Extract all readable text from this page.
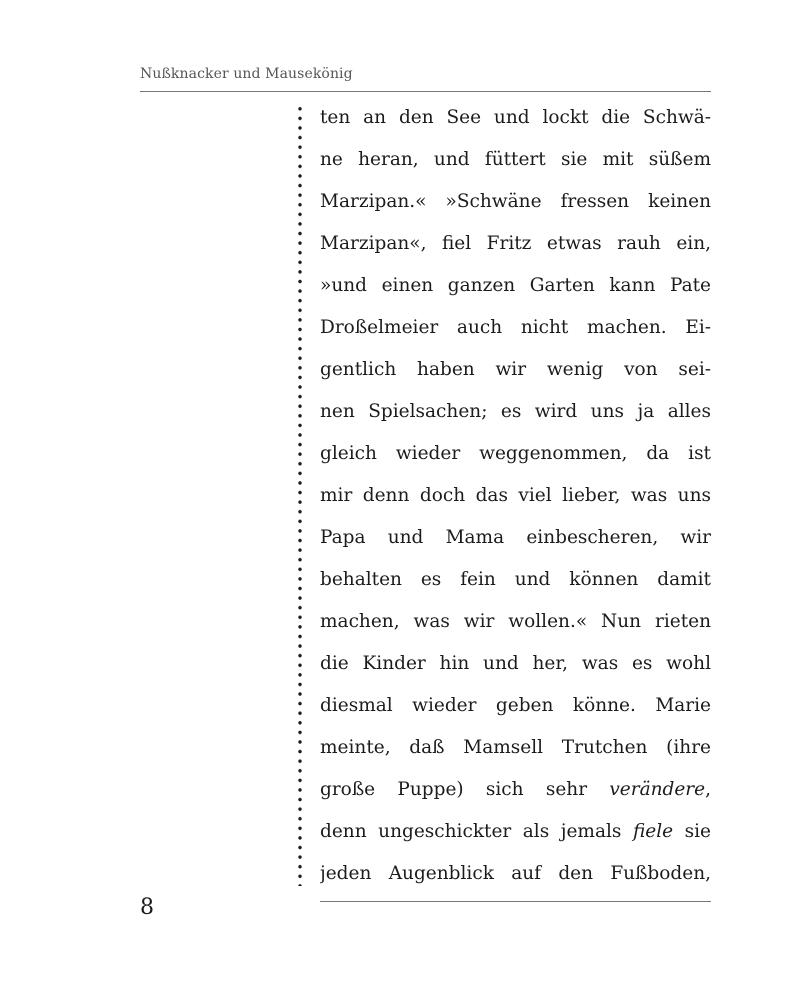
Nußknacker und Mausekönig
ten an den See und lockt die Schwä-
ne heran, und füttert sie mit süßem
Marzipan.« »Schwäne fressen keinen
Marzipan«, fiel Fritz etwas rauh ein,
»und einen ganzen Garten kann Pate
Droßelmeier auch nicht machen. Ei-
gentlich haben wir wenig von sei-
nen Spielsachen; es wird uns ja alles
gleich wieder weggenommen, da ist
mir denn doch das viel lieber, was uns
Papa und Mama einbescheren, wir
behalten es fein und können damit
machen, was wir wollen.« Nun rieten
die Kinder hin und her, was es wohl
diesmal wieder geben könne. Marie
meinte, daß Mamsell Trutchen (ihre
große Puppe) sich sehr verändere,
denn ungeschickter als jemals fiele sie
jeden Augenblick auf den Fußboden,
8
